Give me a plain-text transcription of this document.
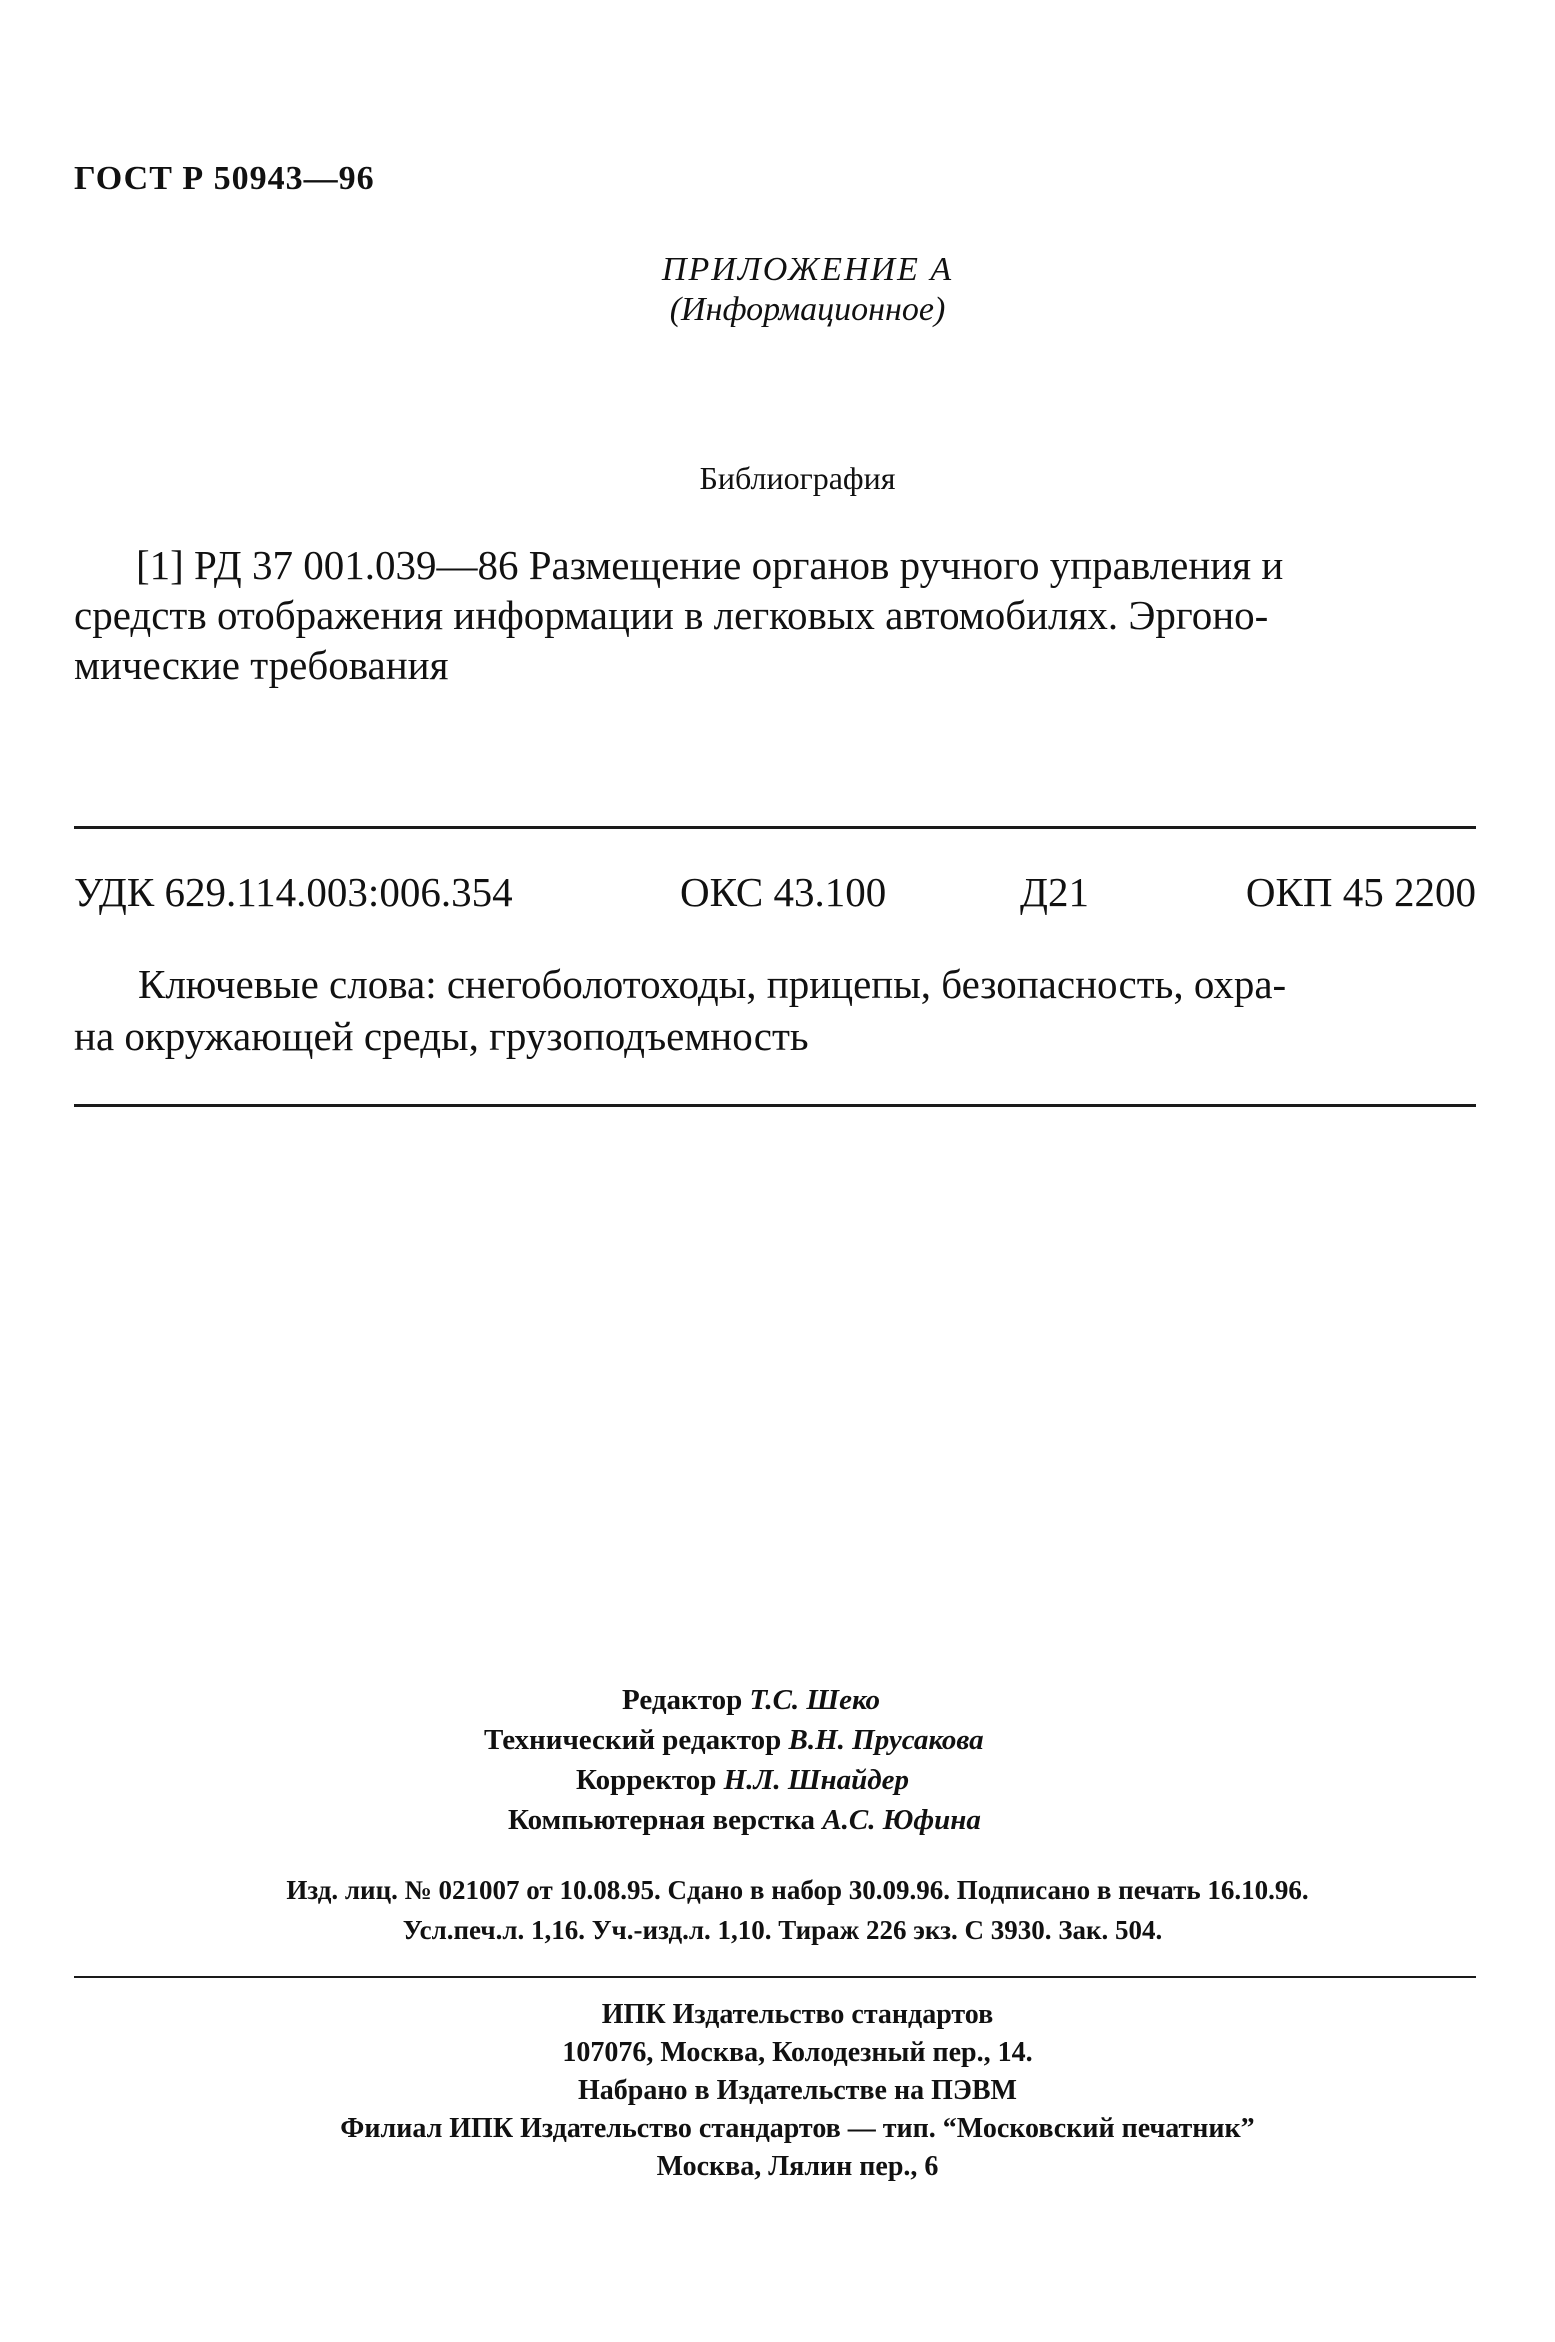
ГОСТ Р 50943—96
ПРИЛОЖЕНИЕ А
(Информационное)
Библиография
[1] РД 37 001.039—86 Размещение органов ручного управления и
средств отображения информации в легковых автомобилях. Эргоно-
мические требования
УДК 629.114.003:006.354	ОКС 43.100	Д21	ОКП 45 2200
Ключевые слова: снегоболотоходы, прицепы, безопасность, охра-
на окружающей среды, грузоподъемность
Редактор Т.С. Шеко
Технический редактор В.Н. Прусакова
Корректор Н.Л. Шнайдер
Компьютерная верстка А.С. Юфина
Изд. лиц. № 021007 от 10.08.95. Сдано в набор 30.09.96. Подписано в печать 16.10.96.
Усл.печ.л. 1,16. Уч.-изд.л. 1,10. Тираж 226 экз. С 3930. Зак. 504.
ИПК Издательство стандартов
107076, Москва, Колодезный пер., 14.
Набрано в Издательстве на ПЭВМ
Филиал ИПК Издательство стандартов — тип. “Московский печатник”
Москва, Лялин пер., 6
